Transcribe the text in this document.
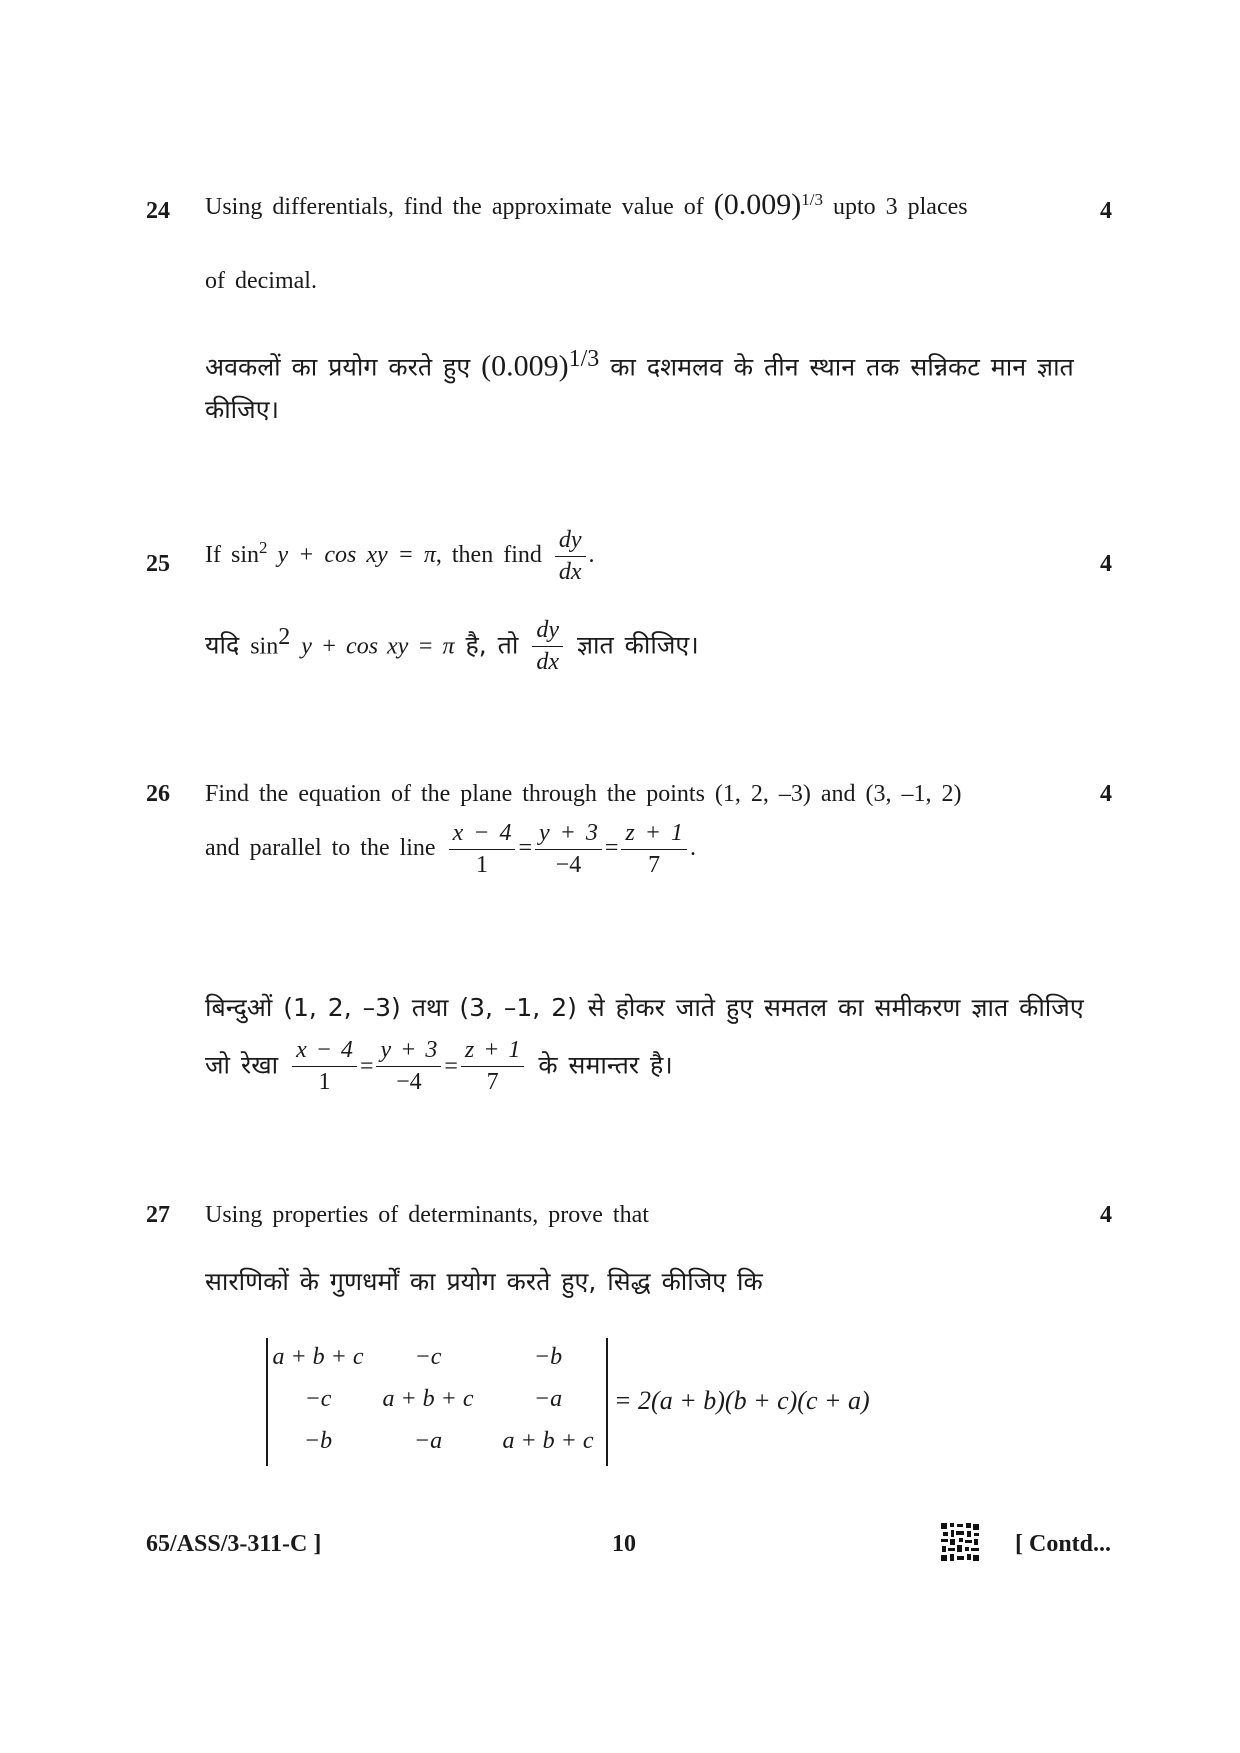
24	4
Using differentials, find the approximate value of $(0.009)^{1/3}$ upto 3 places
of decimal.
अवकलों का प्रयोग करते हुए $(0.009)^{1/3}$ का दशमलव के तीन स्थान तक सन्निकट मान ज्ञात
कीजिए।
25	4
If $\sin^2 y + \cos$ xy = π, then find $\frac{dy}{dx}$ .
यदि $\sin^2 y + \cos$ xy = π है, तो $\frac{dy}{dx}$ ज्ञात कीजिए।
26	4
Find the equation of the plane through the points (1, 2, –3) and (3, –1, 2)
and parallel to the line $\frac{x - 4}{1} = \frac{y + 3}{-4} = \frac{z + 1}{7}$ .
बिन्दुओं (1, 2, –3) तथा (3, –1, 2) से होकर जाते हुए समतल का समीकरण ज्ञात कीजिए
जो रेखा $\frac{x - 4}{1} = \frac{y + 3}{-4} = \frac{z + 1}{7}$ के समान्तर है।
27	4
Using properties of determinants, prove that
सारणिकों के गुणधर्मों का प्रयोग करते हुए, सिद्ध कीजिए कि
a + b + c	−c	−b
−c	a + b + c	−a
−b	−a	a + b + c
= 2(a + b)(b + c)(c + a)
65/ASS/3-311-C ]	10	[ Contd...
